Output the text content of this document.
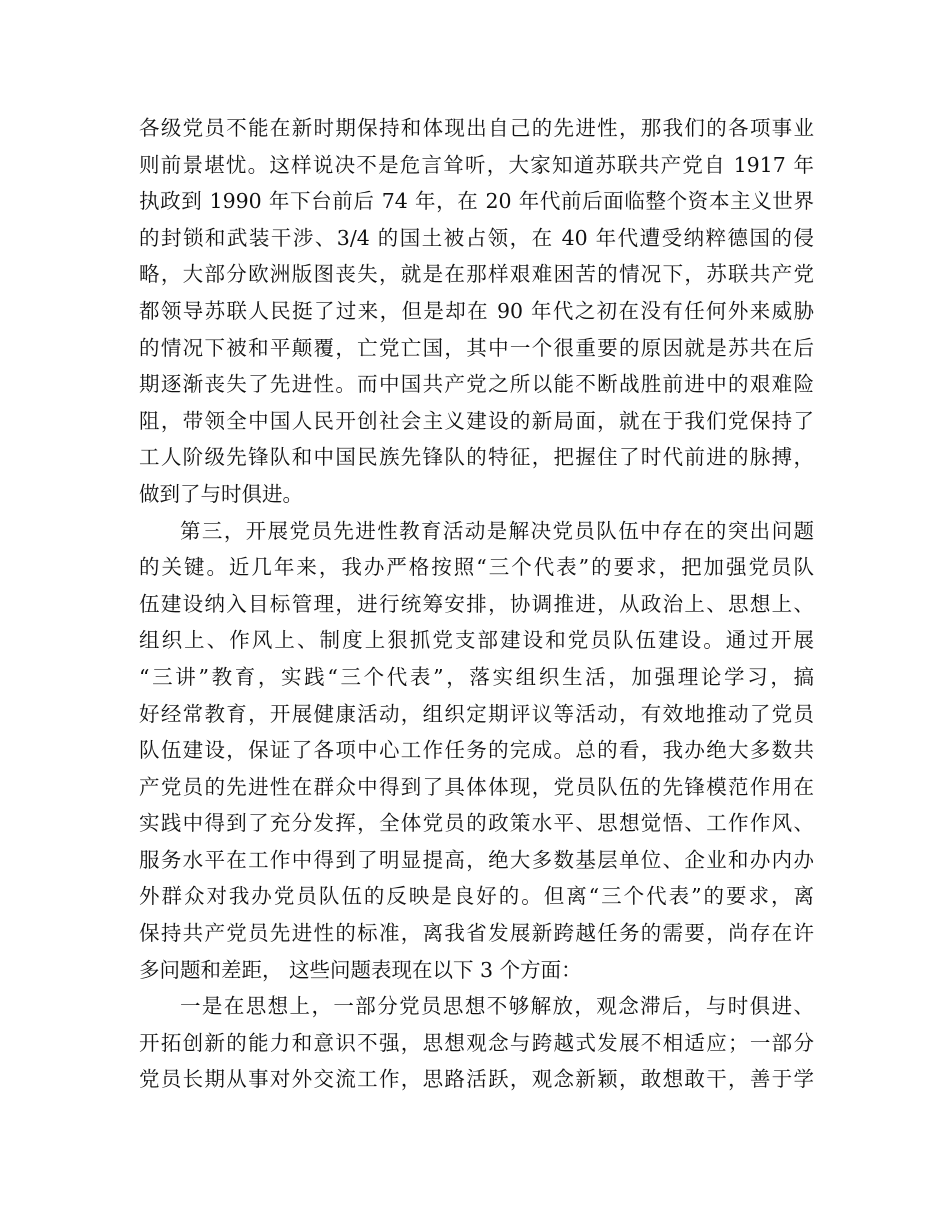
各级党员不能在新时期保持和体现出自己的先进性，那我们的各项事业
则前景堪忧。这样说决不是危言耸听，大家知道苏联共产党自 1917 年
执政到 1990 年下台前后 74 年，在 20 年代前后面临整个资本主义世界
的封锁和武装干涉、3/4 的国土被占领，在 40 年代遭受纳粹德国的侵
略，大部分欧洲版图丧失，就是在那样艰难困苦的情况下，苏联共产党
都领导苏联人民挺了过来，但是却在 90 年代之初在没有任何外来威胁
的情况下被和平颠覆，亡党亡国，其中一个很重要的原因就是苏共在后
期逐渐丧失了先进性。而中国共产党之所以能不断战胜前进中的艰难险
阻，带领全中国人民开创社会主义建设的新局面，就在于我们党保持了
工人阶级先锋队和中国民族先锋队的特征，把握住了时代前进的脉搏，
做到了与时俱进。
第三，开展党员先进性教育活动是解决党员队伍中存在的突出问题
的关键。近几年来，我办严格按照“三个代表”的要求，把加强党员队
伍建设纳入目标管理，进行统筹安排，协调推进，从政治上、思想上、
组织上、作风上、制度上狠抓党支部建设和党员队伍建设。通过开展
“三讲”教育，实践“三个代表”，落实组织生活，加强理论学习，搞
好经常教育，开展健康活动，组织定期评议等活动，有效地推动了党员
队伍建设，保证了各项中心工作任务的完成。总的看，我办绝大多数共
产党员的先进性在群众中得到了具体体现，党员队伍的先锋模范作用在
实践中得到了充分发挥，全体党员的政策水平、思想觉悟、工作作风、
服务水平在工作中得到了明显提高，绝大多数基层单位、企业和办内办
外群众对我办党员队伍的反映是良好的。但离“三个代表”的要求，离
保持共产党员先进性的标准，离我省发展新跨越任务的需要，尚存在许
多问题和差距， 这些问题表现在以下 3 个方面：
一是在思想上，一部分党员思想不够解放，观念滞后，与时俱进、
开拓创新的能力和意识不强，思想观念与跨越式发展不相适应；一部分
党员长期从事对外交流工作，思路活跃，观念新颖，敢想敢干，善于学
